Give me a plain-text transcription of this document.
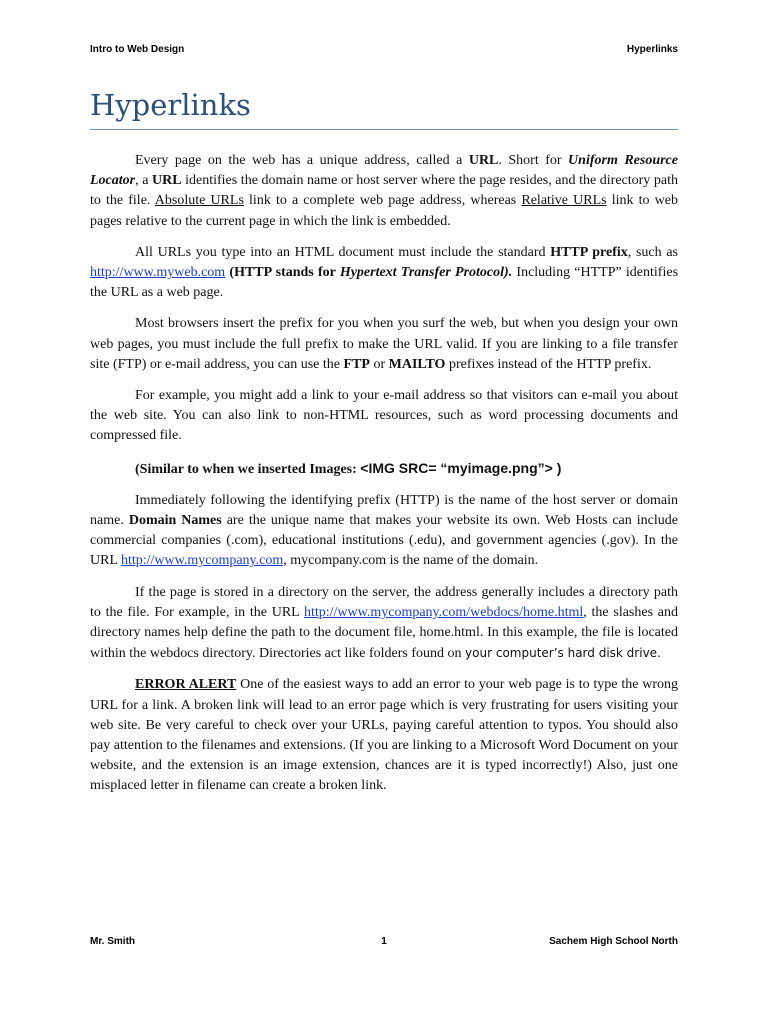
Intro to Web Design	Hyperlinks
Hyperlinks

Every page on the web has a unique address, called a URL. Short for Uniform Resource Locator, a URL identifies the domain name or host server where the page resides, and the directory path to the file. Absolute URLs link to a complete web page address, whereas Relative URLs link to web pages relative to the current page in which the link is embedded.

All URLs you type into an HTML document must include the standard HTTP prefix, such as http://www.myweb.com (HTTP stands for Hypertext Transfer Protocol). Including “HTTP” identifies the URL as a web page.

Most browsers insert the prefix for you when you surf the web, but when you design your own web pages, you must include the full prefix to make the URL valid. If you are linking to a file transfer site (FTP) or e-mail address, you can use the FTP or MAILTO prefixes instead of the HTTP prefix.

For example, you might add a link to your e-mail address so that visitors can e-mail you about the web site. You can also link to non-HTML resources, such as word processing documents and compressed file.

(Similar to when we inserted Images: <IMG SRC= “myimage.png”> )

Immediately following the identifying prefix (HTTP) is the name of the host server or domain name. Domain Names are the unique name that makes your website its own. Web Hosts can include commercial companies (.com), educational institutions (.edu), and government agencies (.gov). In the URL http://www.mycompany.com, mycompany.com is the name of the domain.

If the page is stored in a directory on the server, the address generally includes a directory path to the file. For example, in the URL http://www.mycompany.com/webdocs/home.html, the slashes and directory names help define the path to the document file, home.html. In this example, the file is located within the webdocs directory. Directories act like folders found on your computer’s hard disk drive.

ERROR ALERT One of the easiest ways to add an error to your web page is to type the wrong URL for a link. A broken link will lead to an error page which is very frustrating for users visiting your web site. Be very careful to check over your URLs, paying careful attention to typos. You should also pay attention to the filenames and extensions. (If you are linking to a Microsoft Word Document on your website, and the extension is an image extension, chances are it is typed incorrectly!) Also, just one misplaced letter in filename can create a broken link.

Mr. Smith	1	Sachem High School North
